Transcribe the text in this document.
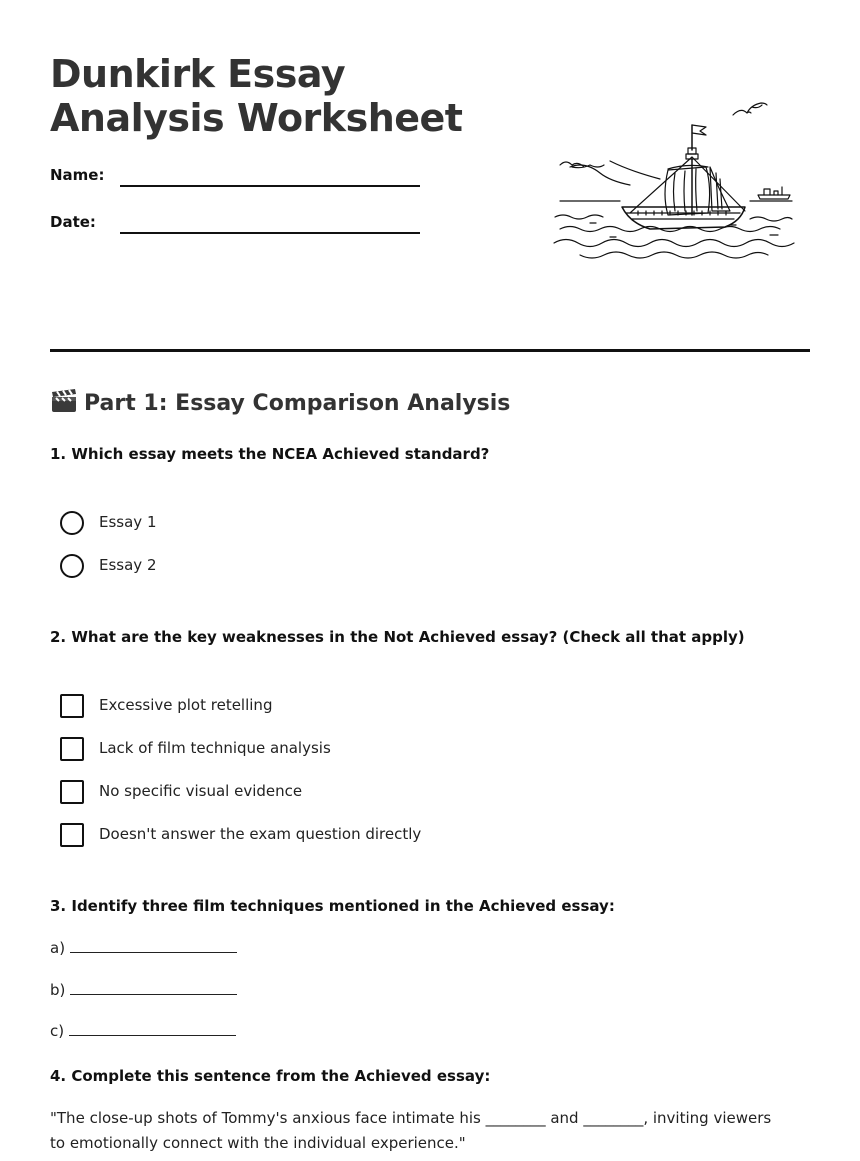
Dunkirk Essay Analysis Worksheet
Name:
Date:
Part 1: Essay Comparison Analysis

1. Which essay meets the NCEA Achieved standard?

Essay 1
Essay 2

2. What are the key weaknesses in the Not Achieved essay? (Check all that apply)

Excessive plot retelling
Lack of film technique analysis
No specific visual evidence
Doesn't answer the exam question directly

3. Identify three film techniques mentioned in the Achieved essay:

a)
b)
c)

4. Complete this sentence from the Achieved essay:

"The close-up shots of Tommy's anxious face intimate his ________ and ________, inviting viewers to emotionally connect with the individual experience."
